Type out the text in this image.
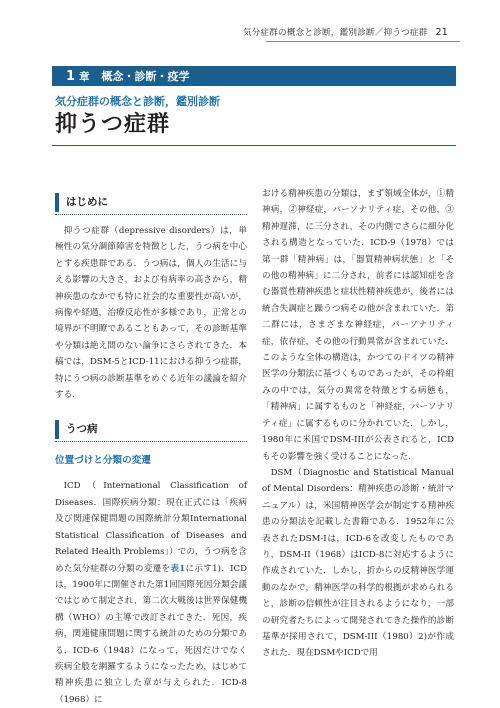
気分症群の概念と診断，鑑別診断／抑うつ症群 21
1 章 概念・診断・疫学
気分症群の概念と診断，鑑別診断
抑うつ症群
はじめに

抑うつ症群（depressive disorders）は，単極性の気分調節障害を特徴とした，うつ病を中心とする疾患群である．うつ病は，個人の生活に与える影響の大きさ，および有病率の高さから，精神疾患のなかでも特に社会的な重要性が高いが，病像や経過，治療反応性が多様であり，正常との境界が不明瞭であることもあって，その診断基準や分類は絶え間のない論争にさらされてきた．本稿では，DSM-5とICD-11における抑うつ症群，特にうつ病の診断基準をめぐる近年の議論を紹介する．

うつ病
位置づけと分類の変遷

ICD（International Classification of Diseases．国際疾病分類：現在正式には「疾病及び関連保健問題の国際統計分類International Statistical Classification of Diseases and Related Health Problems」）での，うつ病を含めた気分症群の分類の変遷を表1に示す1)．ICDは，1900年に開催された第1回国際死因分類会議ではじめて制定され，第二次大戦後は世界保健機構（WHO）の主導で改訂されてきた．死因，疾病，関連健康問題に関する統計のための分類である．ICD-6（1948）になって，死因だけでなく疾病全般を網羅するようになったため，はじめて精神疾患に独立した章が与えられた．ICD-8（1968）に

おける精神疾患の分類は，まず領域全体が，①精神病，②神経症，パーソナリティ症，その他，③精神遅滞，に三分され，その内側でさらに細分化される構造となっていた．ICD-9（1978）では第一群「精神病」は，「器質精神病状態」と「その他の精神病」に二分され，前者には認知症を含む器質性精神疾患と症状性精神疾患が，後者には統合失調症と躁うつ病その他が含まれていた．第二群には，さまざまな神経症，パーソナリティ症，依存症，その他の行動異常が含まれていた．このような全体の構造は，かつてのドイツの精神医学の分類法に基づくものであったが，その枠組みの中では，気分の異常を特徴とする病態も，「精神病」に属するものと「神経症，パーソナリティ症」に属するものに分かれていた．しかし，1980年に米国でDSM-IIIが公表されると，ICDもその影響を強く受けることになった．

DSM（Diagnostic and Statistical Manual of Mental Disorders：精神疾患の診断・統計マニュアル）は，米国精神医学会が制定する精神疾患の分類法を記載した書籍である．1952年に公表されたDSM-Iは，ICD-6を改変したものであり，DSM-II（1968）はICD-8に対応するように作成されていた．しかし，折からの反精神医学運動のなかで，精神医学の科学的根拠が求められると，診断の信頼性が注目されるようになり，一部の研究者たちによって開発されてきた操作的診断基準が採用されて，DSM-III（1980）2)が作成された．現在DSMやICDで用
